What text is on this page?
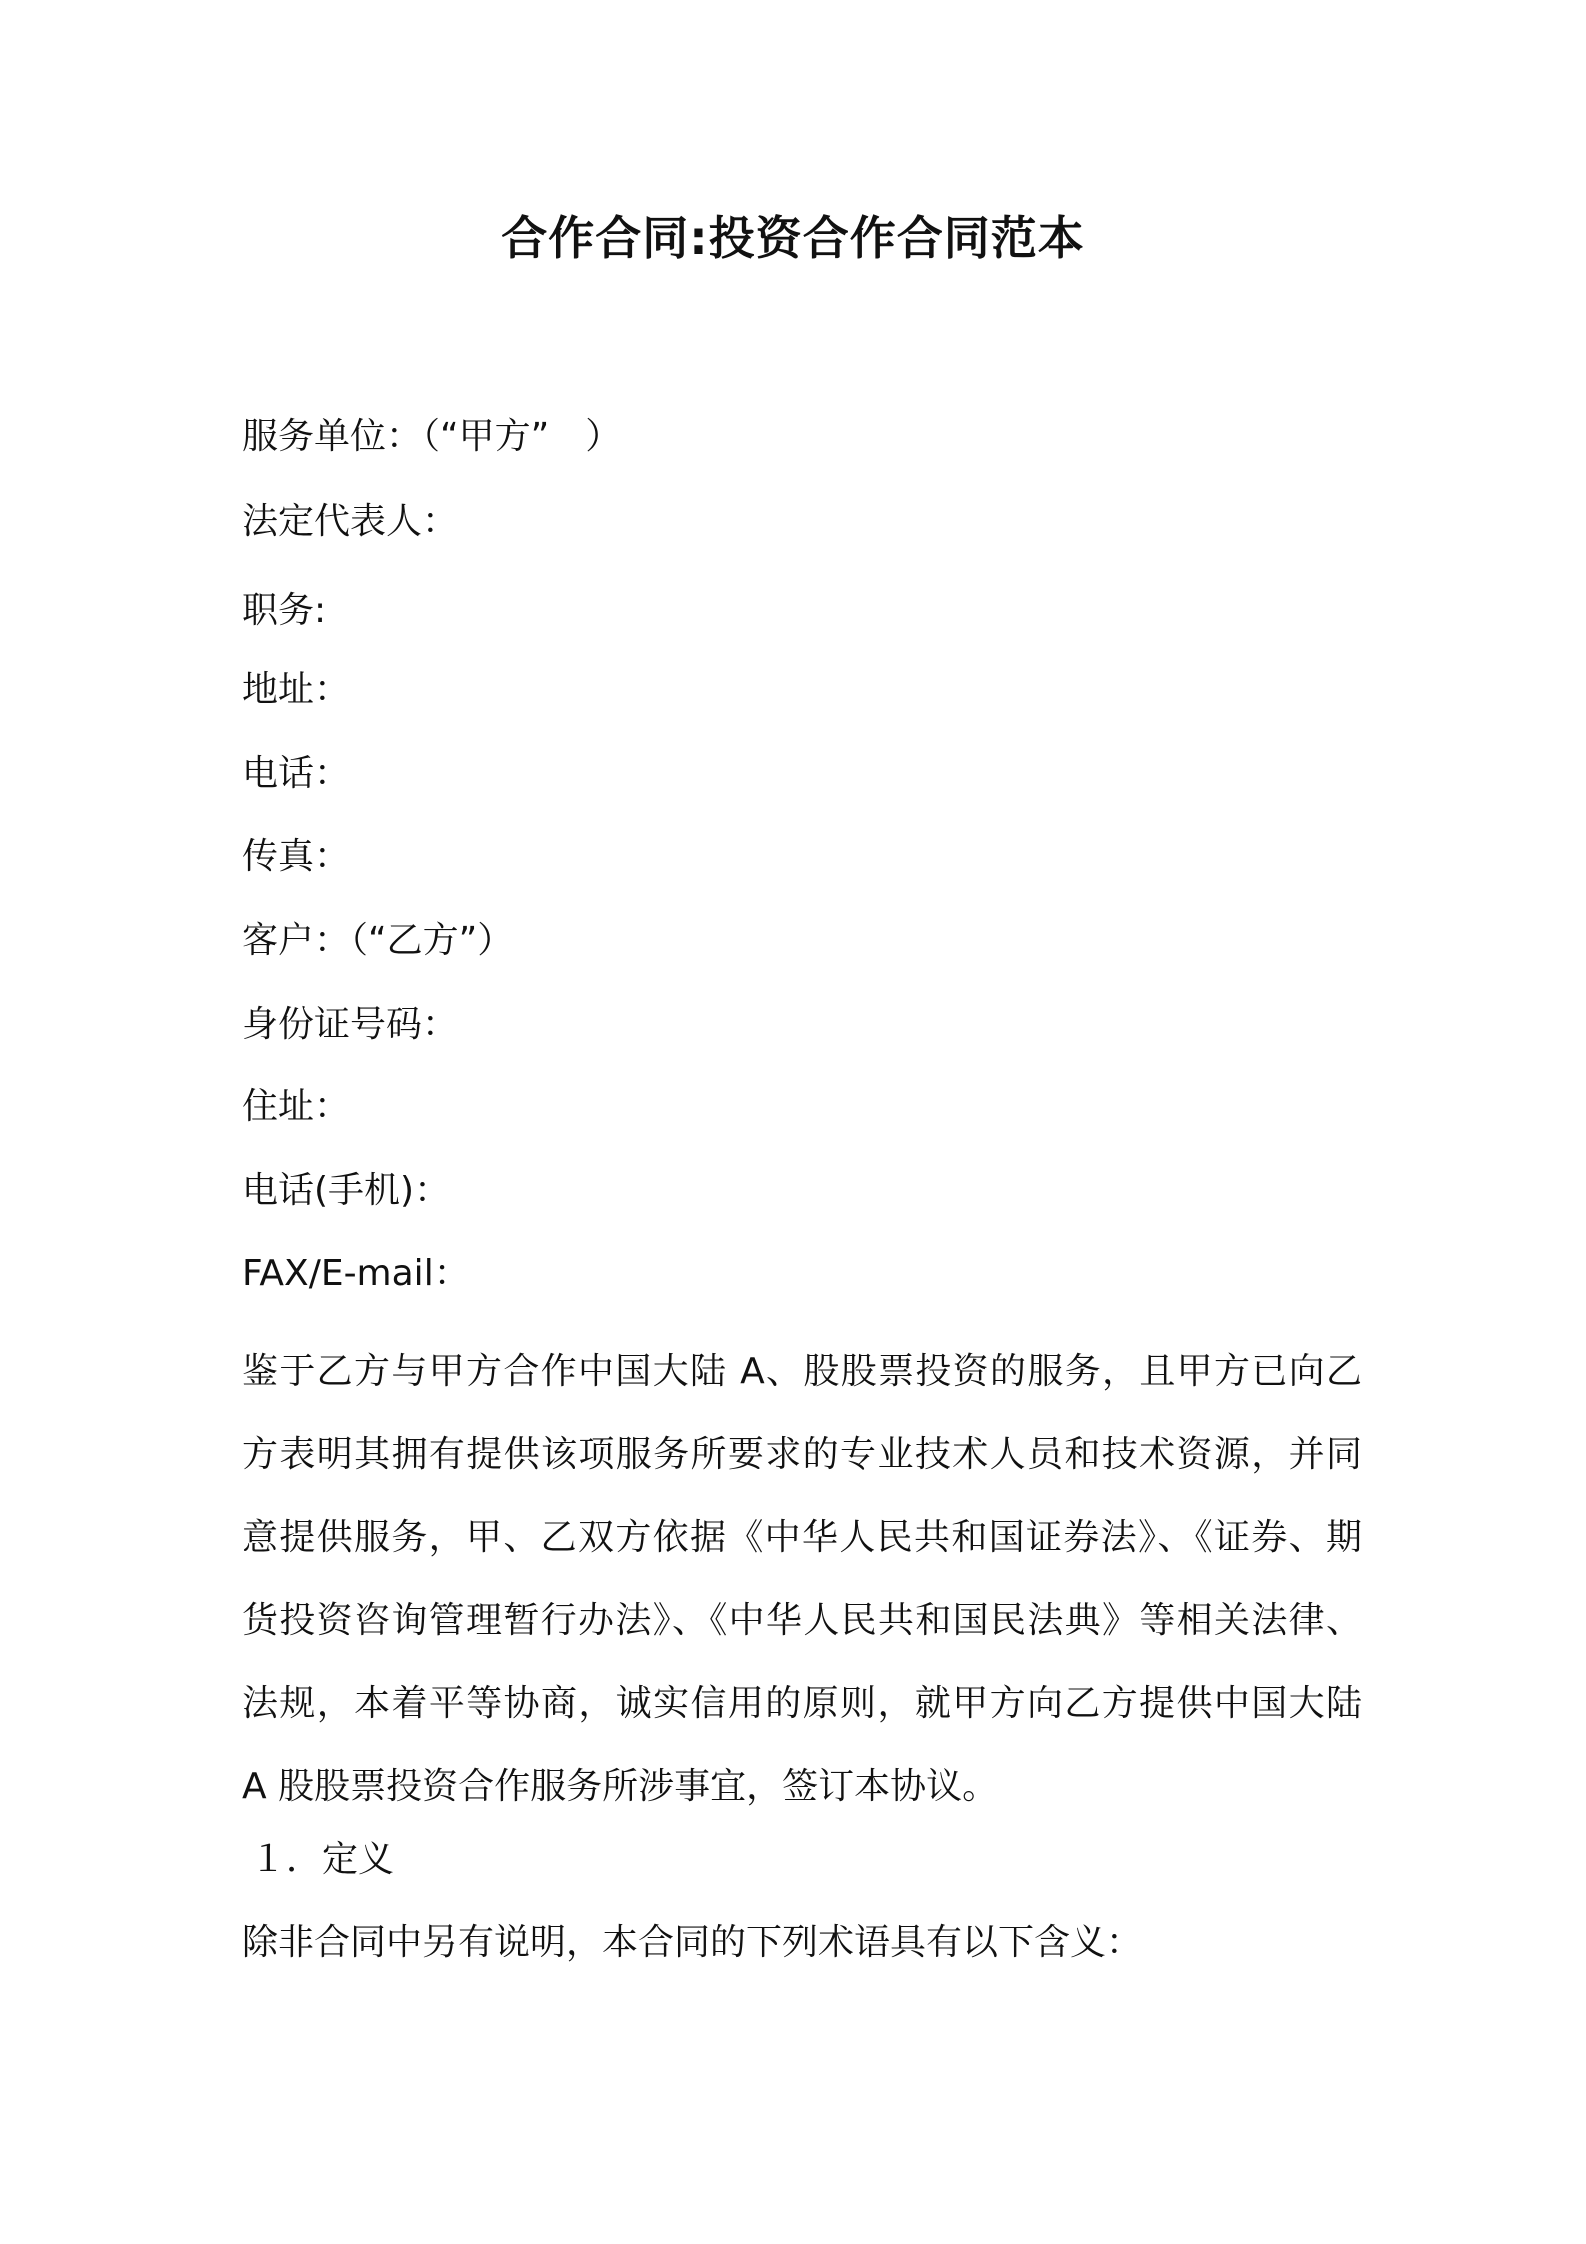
合作合同:投资合作合同范本
服务单位：（“甲方”　）
法定代表人：
职务:
地址：
电话：
传真：
客户：（“乙方”）
身份证号码：
住址：
电话(手机)：
FAX/E-mail：
鉴于乙方与甲方合作中国大陆 A、股股票投资的服务，且甲方已向乙
方表明其拥有提供该项服务所要求的专业技术人员和技术资源，并同
意提供服务，甲、乙双方依据《中华人民共和国证券法》、《证券、期
货投资咨询管理暂行办法》、《中华人民共和国民法典》等相关法律、
法规，本着平等协商，诚实信用的原则，就甲方向乙方提供中国大陆
A 股股票投资合作服务所涉事宜，签订本协议。
１．定义
除非合同中另有说明，本合同的下列术语具有以下含义：
